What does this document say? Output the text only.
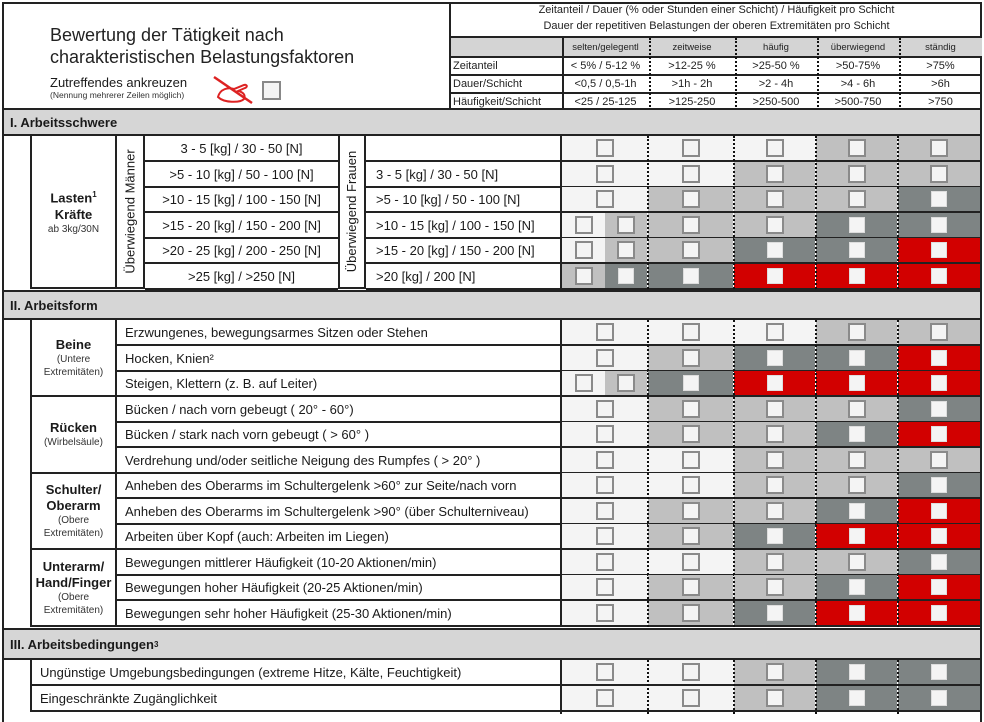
Bewertung der Tätigkeit nach
charakteristischen Belastungsfaktoren
Zutreffendes ankreuzen
(Nennung mehrerer Zeilen möglich)
Zeitanteil / Dauer (% oder Stunden einer Schicht) / Häufigkeit pro Schicht
Dauer der repetitiven Belastungen der oberen Extremitäten pro Schicht
selten/gelegentl	zeitweise	häufig	überwiegend	ständig
Zeitanteil	< 5% / 5-12 %	>12-25 %	>25-50 %	>50-75%	>75%
Dauer/Schicht	<0,5 / 0,5-1h	>1h - 2h	>2 - 4h	>4 - 6h	>6h
Häufigkeit/Schicht	<25 / 25-125	>125-250	>250-500	>500-750	>750
I. Arbeitsschwere
Lasten$^1$
Kräfte
ab 3kg/30N Überwiegend Männer	Überwiegend Frauen
3 - 5 [kg] / 30 - 50 [N]
>5 - 10 [kg] / 50 - 100 [N]	3 - 5 [kg] / 30 - 50 [N]
>10 - 15 [kg] / 100 - 150 [N]	>5 - 10 [kg] / 50 - 100 [N]
>15 - 20 [kg] / 150 - 200 [N]	>10 - 15 [kg] / 100 - 150 [N]
>20 - 25 [kg] / 200 - 250 [N]	>15 - 20 [kg] / 150 - 200 [N]
>25 [kg] / >250 [N]	>20 [kg] / 200 [N]
II. Arbeitsform
Beine
(Untere Extremitäten)
Erzwungenes, bewegungsarmes Sitzen oder Stehen
Hocken, Knien²
Steigen, Klettern (z. B. auf Leiter)
Rücken
(Wirbelsäule)
Bücken / nach vorn gebeugt ( 20° - 60°)
Bücken / stark nach vorn gebeugt ( > 60° )
Verdrehung und/oder seitliche Neigung des Rumpfes ( > 20° )
Schulter/ Oberarm
(Obere Extremitäten)
Anheben des Oberarms im Schultergelenk >60° zur Seite/nach vorn
Anheben des Oberarms im Schultergelenk >90° (über Schulterniveau)
Arbeiten über Kopf (auch: Arbeiten im Liegen)
Unterarm/ Hand/Finger
(Obere Extremitäten)
Bewegungen mittlerer Häufigkeit (10-20 Aktionen/min)
Bewegungen hoher Häufigkeit (20-25 Aktionen/min)
Bewegungen sehr hoher Häufigkeit (25-30 Aktionen/min)
III. Arbeitsbedingungen 3
Ungünstige Umgebungsbedingungen (extreme Hitze, Kälte, Feuchtigkeit)
Eingeschränkte Zugänglichkeit
